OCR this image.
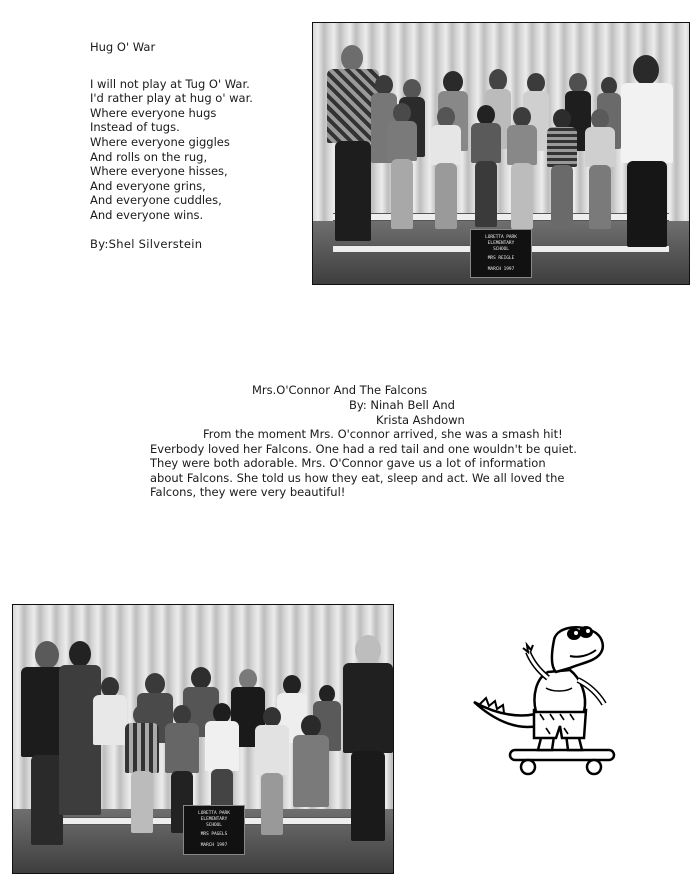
Hug O' War
I will not play at Tug O' War.
I'd rather play at hug o' war.
Where everyone hugs
Instead of tugs.
Where everyone giggles
And rolls on the rug,
Where everyone hisses,
And everyone grins,
And everyone cuddles,
And everyone wins.
By:Shel Silverstein	LORETTA PARK
ELEMENTARY
SCHOOL
MRS REIGLE
MARCH 1997
Mrs.O'Connor And The Falcons
By: Ninah Bell And
Krista Ashdown
From the moment Mrs. O'connor arrived, she was a smash hit!
Everbody loved her Falcons. One had a red tail and one wouldn't be quiet.
They were both adorable. Mrs. O'Connor gave us a lot of information
about Falcons. She told us how they eat, sleep and act. We all loved the
Falcons, they were very beautiful!
LORETTA PARK
ELEMENTARY
SCHOOL
MRS PAGELS
MARCH 1997
